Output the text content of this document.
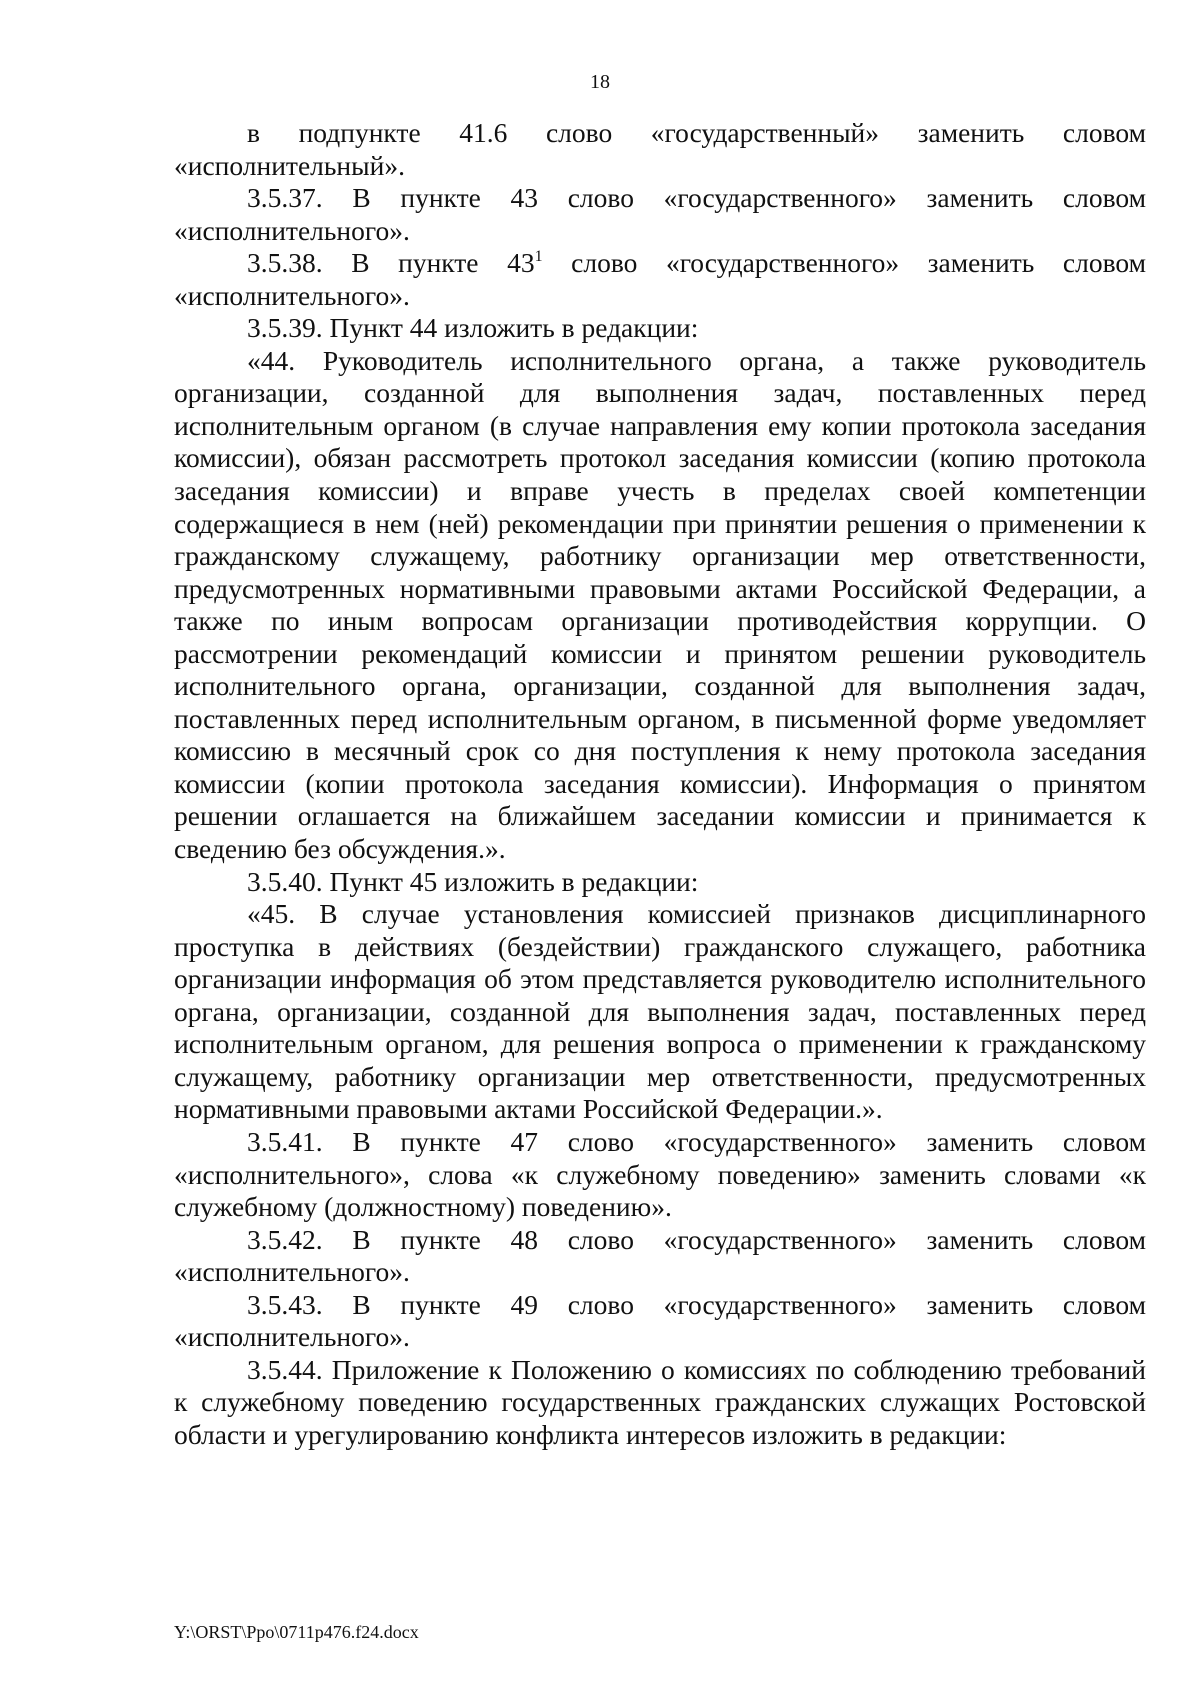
18

в подпункте 41.6 слово «государственный» заменить словом «исполнительный».

3.5.37. В пункте 43 слово «государственного» заменить словом «исполнительного».

3.5.38. В пункте $43^1$ слово «государственного» заменить словом «исполнительного».

3.5.39. Пункт 44 изложить в редакции:

«44. Руководитель исполнительного органа, а также руководитель организации, созданной для выполнения задач, поставленных перед исполнительным органом (в случае направления ему копии протокола заседания комиссии), обязан рассмотреть протокол заседания комиссии (копию протокола заседания комиссии) и вправе учесть в пределах своей компетенции содержащиеся в нем (ней) рекомендации при принятии решения о применении к гражданскому служащему, работнику организации мер ответственности, предусмотренных нормативными правовыми актами Российской Федерации, а также по иным вопросам организации противодействия коррупции. О рассмотрении рекомендаций комиссии и принятом решении руководитель исполнительного органа, организации, созданной для выполнения задач, поставленных перед исполнительным органом, в письменной форме уведомляет комиссию в месячный срок со дня поступления к нему протокола заседания комиссии (копии протокола заседания комиссии). Информация о принятом решении оглашается на ближайшем заседании комиссии и принимается к сведению без обсуждения.».

3.5.40. Пункт 45 изложить в редакции:

«45. В случае установления комиссией признаков дисциплинарного проступка в действиях (бездействии) гражданского служащего, работника организации информация об этом представляется руководителю исполнительного органа, организации, созданной для выполнения задач, поставленных перед исполнительным органом, для решения вопроса о применении к гражданскому служащему, работнику организации мер ответственности, предусмотренных нормативными правовыми актами Российской Федерации.».

3.5.41. В пункте 47 слово «государственного» заменить словом «исполнительного», слова «к служебному поведению» заменить словами «к служебному (должностному) поведению».

3.5.42. В пункте 48 слово «государственного» заменить словом «исполнительного».

3.5.43. В пункте 49 слово «государственного» заменить словом «исполнительного».

3.5.44. Приложение к Положению о комиссиях по соблюдению требований к служебному поведению государственных гражданских служащих Ростовской области и урегулированию конфликта интересов изложить в редакции:

Y:\ORST\Ppo\0711p476.f24.docx
